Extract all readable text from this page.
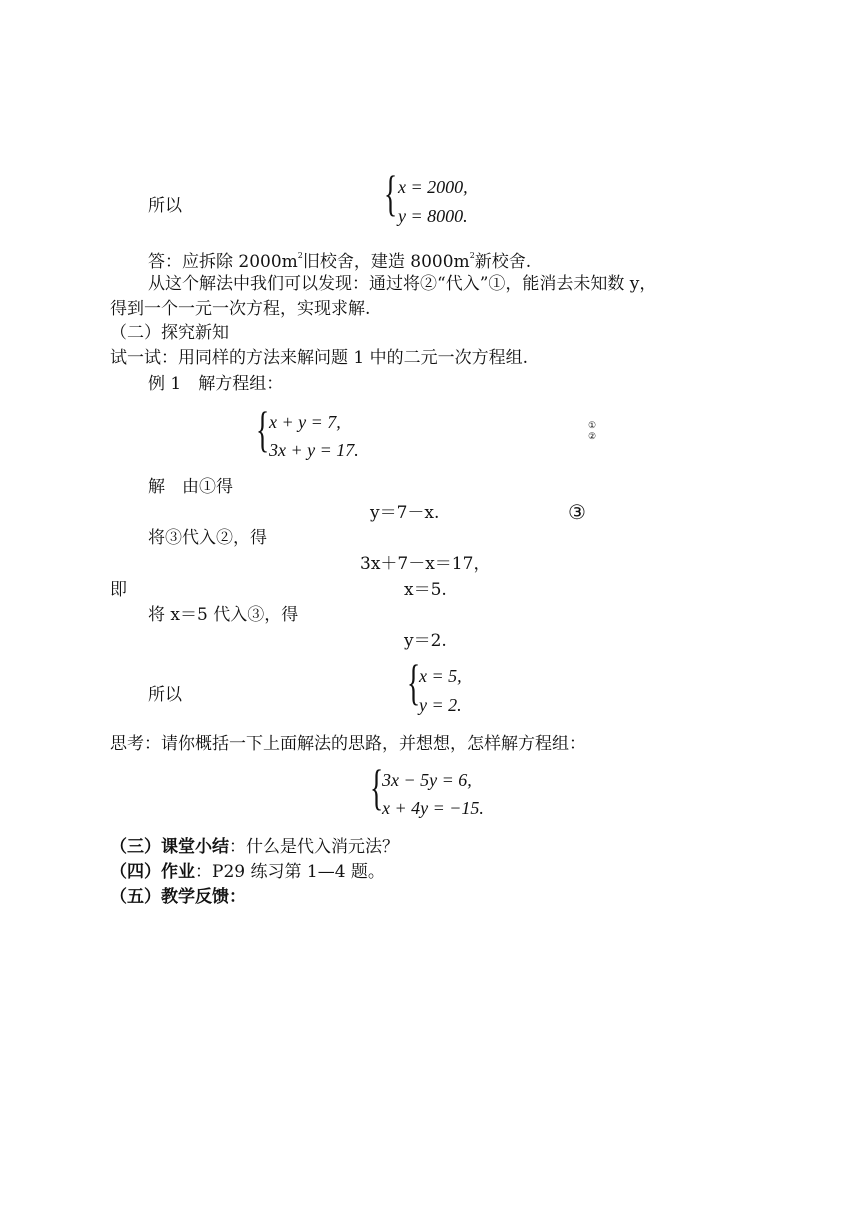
所以	{ x = 2000,
y = 8000.
答：应拆除 $2000m^2$旧校舍，建造 $8000m^2$新校舍.
从这个解法中我们可以发现：通过将②“代入”①，能消去未知数 y，
得到一个一元一次方程，实现求解.
（二）探究新知
试一试：用同样的方法来解问题 1 中的二元一次方程组.
例 1　解方程组：
{ x + y = 7,
3x + y = 17.
①
②
解　由①得
y＝7－x.	③
将③代入②，得
3x＋7－x＝17，
即	x＝5.
将 x＝5 代入③，得
y＝2.
所以	{
x = 5,
y = 2.
思考：请你概括一下上面解法的思路，并想想，怎样解方程组：
{
3x − 5y = 6,
x + 4y = −15.
（三）课堂小结：什么是代入消元法？
（四）作业：P29 练习第 1—4 题。
（五）教学反馈：
